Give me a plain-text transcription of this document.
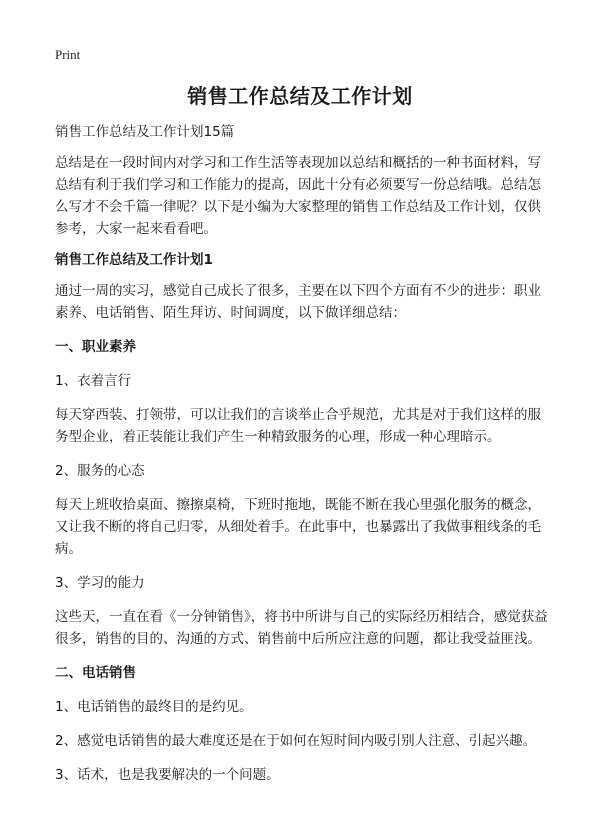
Print
销售工作总结及工作计划

销售工作总结及工作计划15篇

总结是在一段时间内对学习和工作生活等表现加以总结和概括的一种书面材料，写总结有利于我们学习和工作能力的提高，因此十分有必须要写一份总结哦。总结怎么写才不会千篇一律呢？以下是小编为大家整理的销售工作总结及工作计划，仅供参考，大家一起来看看吧。

销售工作总结及工作计划1

通过一周的实习，感觉自己成长了很多，主要在以下四个方面有不少的进步：职业素养、电话销售、陌生拜访、时间调度，以下做详细总结：

一、职业素养

1、衣着言行

每天穿西装、打领带，可以让我们的言谈举止合乎规范，尤其是对于我们这样的服务型企业，着正装能让我们产生一种精致服务的心理，形成一种心理暗示。

2、服务的心态

每天上班收拾桌面、擦擦桌椅，下班时拖地，既能不断在我心里强化服务的概念，又让我不断的将自己归零，从细处着手。在此事中，也暴露出了我做事粗线条的毛病。

3、学习的能力

这些天，一直在看《一分钟销售》，将书中所讲与自己的实际经历相结合，感觉获益很多，销售的目的、沟通的方式、销售前中后所应注意的问题，都让我受益匪浅。

二、电话销售

1、电话销售的最终目的是约见。

2、感觉电话销售的最大难度还是在于如何在短时间内吸引别人注意、引起兴趣。

3、话术，也是我要解决的一个问题。
